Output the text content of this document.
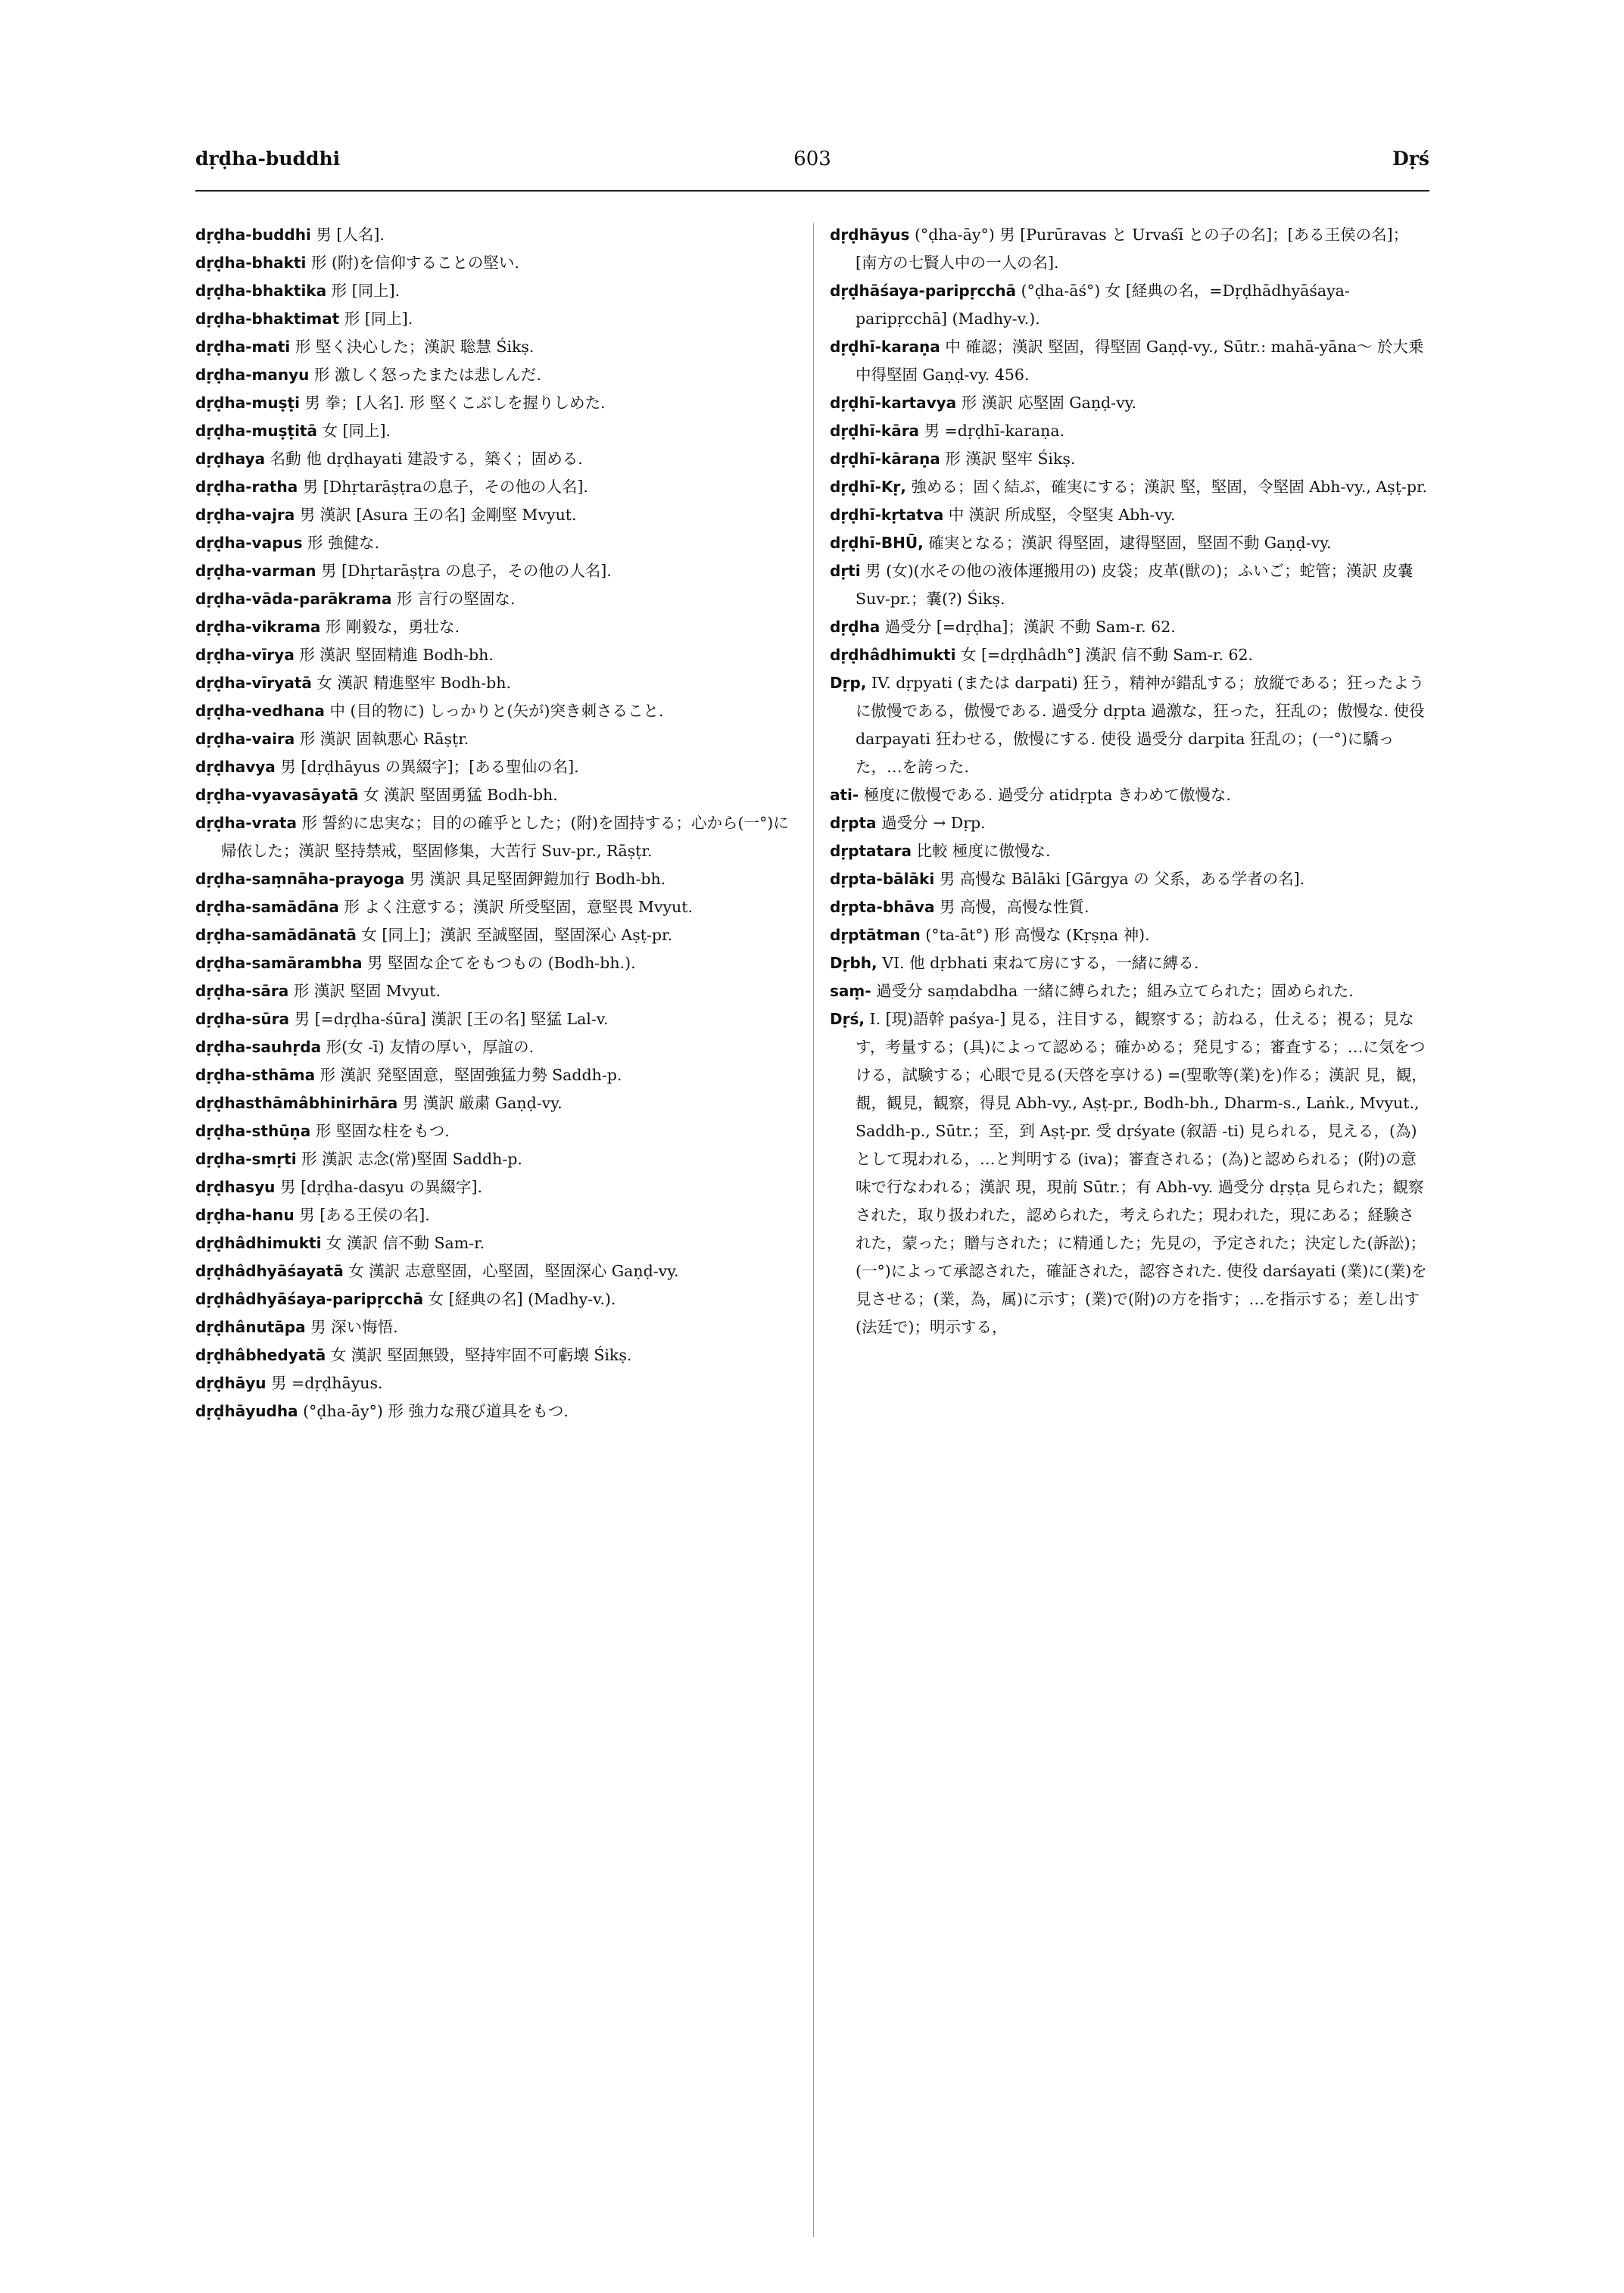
603
dṛḍha-buddhi	Dṛś
dṛḍha-buddhi 男 [人名].
dṛḍha-bhakti 形 (附)を信仰することの堅い.
dṛḍha-bhaktika 形 [同上].
dṛḍha-bhaktimat 形 [同上].
dṛḍha-mati 形 堅く決心した；漢訳 聡慧 Śikṣ.
dṛḍha-manyu 形 激しく怒ったまたは悲しんだ.
dṛḍha-muṣṭi 男 拳；[人名]. 形 堅くこぶしを握りしめた.
dṛḍha-muṣṭitā 女 [同上].
dṛḍhaya 名動 他 dṛḍhayati 建設する，築く；固める.
dṛḍha-ratha 男 [Dhṛtarāṣṭraの息子，その他の人名].
dṛḍha-vajra 男 漢訳 [Asura 王の名] 金剛堅 Mvyut.
dṛḍha-vapus 形 強健な.
dṛḍha-varman 男 [Dhṛtarāṣṭra の息子，その他の人名].
dṛḍha-vāda-parākrama 形 言行の堅固な.
dṛḍha-vikrama 形 剛毅な，勇壮な.
dṛḍha-vīrya 形 漢訳 堅固精進 Bodh-bh.
dṛḍha-vīryatā 女 漢訳 精進堅牢 Bodh-bh.
dṛḍha-vedhana 中 (目的物に) しっかりと(矢が)突き刺さること.
dṛḍha-vaira 形 漢訳 固執悪心 Rāṣṭr.
dṛḍhavya 男 [dṛḍhāyus の異綴字]；[ある聖仙の名].
dṛḍha-vyavasāyatā 女 漢訳 堅固勇猛 Bodh-bh.
dṛḍha-vrata 形 誓約に忠実な；目的の確乎とした；(附)を固持する；心から(一°)に帰依した；漢訳 堅持禁戒，堅固修集，大苦行 Suv-pr., Rāṣṭr.
dṛḍha-saṃnāha-prayoga 男 漢訳 具足堅固鉀鎧加行 Bodh-bh.
dṛḍha-samādāna 形 よく注意する；漢訳 所受堅固，意堅畏 Mvyut.
dṛḍha-samādānatā 女 [同上]；漢訳 至誠堅固，堅固深心 Aṣṭ-pr.
dṛḍha-samārambha 男 堅固な企てをもつもの (Bodh-bh.).
dṛḍha-sāra 形 漢訳 堅固 Mvyut.
dṛḍha-sūra 男 [=dṛḍha-śūra] 漢訳 [王の名] 堅猛 Lal-v.
dṛḍha-sauhṛda 形(女 -ī) 友情の厚い，厚誼の.
dṛḍha-sthāma 形 漢訳 発堅固意，堅固強猛力勢 Saddh-p.
dṛḍhasthāmâbhinirhāra 男 漢訳 厳粛 Gaṇḍ-vy.
dṛḍha-sthūṇa 形 堅固な柱をもつ.
dṛḍha-smṛti 形 漢訳 志念(常)堅固 Saddh-p.
dṛḍhasyu 男 [dṛḍha-dasyu の異綴字].
dṛḍha-hanu 男 [ある王侯の名].
dṛḍhâdhimukti 女 漢訳 信不動 Sam-r.
dṛḍhâdhyāśayatā 女 漢訳 志意堅固，心堅固，堅固深心 Gaṇḍ-vy.
dṛḍhâdhyāśaya-paripṛcchā 女 [経典の名] (Madhy-v.).
dṛḍhânutāpa 男 深い悔悟.
dṛḍhâbhedyatā 女 漢訳 堅固無毀，堅持牢固不可虧壊 Śikṣ.
dṛḍhāyu 男 =dṛḍhāyus.
dṛḍhāyudha (°ḍha-āy°) 形 強力な飛び道具をもつ.
dṛḍhāyus (°ḍha-āy°) 男 [Purūravas と Urvaśī との子の名]；[ある王侯の名]；[南方の七賢人中の一人の名].
dṛḍhāśaya-paripṛcchā (°ḍha-āś°) 女 [経典の名，=Dṛḍhādhyāśaya-paripṛcchā] (Madhy-v.).
dṛḍhī-karaṇa 中 確認；漢訳 堅固，得堅固 Gaṇḍ-vy., Sūtr.: mahā-yāna～ 於大乗中得堅固 Gaṇḍ-vy. 456.
dṛḍhī-kartavya 形 漢訳 応堅固 Gaṇḍ-vy.
dṛḍhī-kāra 男 =dṛḍhī-karaṇa.
dṛḍhī-kāraṇa 形 漢訳 堅牢 Śikṣ.
dṛḍhī-Kṛ, 強める；固く結ぶ，確実にする；漢訳 堅，堅固，令堅固 Abh-vy., Aṣṭ-pr.
dṛḍhī-kṛtatva 中 漢訳 所成堅，令堅実 Abh-vy.
dṛḍhī-BHŪ, 確実となる；漢訳 得堅固，逮得堅固，堅固不動 Gaṇḍ-vy.
dṛti 男 (女)(水その他の液体運搬用の) 皮袋；皮革(獣の)；ふいご；蛇管；漢訳 皮嚢 Suv-pr.；嚢(?) Śikṣ.
dṛḍha 過受分 [=dṛḍha]；漢訳 不動 Sam-r. 62.
dṛḍhâdhimukti 女 [=dṛḍhâdh°] 漢訳 信不動 Sam-r. 62.
Dṛp, IV. dṛpyati (または darpati) 狂う，精神が錯乱する；放縦である；狂ったように傲慢である，傲慢である. 過受分 dṛpta 過激な，狂った，狂乱の；傲慢な. 使役 darpayati 狂わせる，傲慢にする. 使役 過受分 darpita 狂乱の；(一°)に驕った，…を誇った.
ati- 極度に傲慢である. 過受分 atidṛpta きわめて傲慢な.
dṛpta 過受分 → Dṛp.
dṛptatara 比較 極度に傲慢な.
dṛpta-bālāki 男 高慢な Bālāki [Gārgya の 父系，ある学者の名].
dṛpta-bhāva 男 高慢，高慢な性質.
dṛptātman (°ta-āt°) 形 高慢な (Kṛṣṇa 神).
Dṛbh, VI. 他 dṛbhati 束ねて房にする，一緒に縛る.
saṃ- 過受分 saṃdabdha 一緒に縛られた；組み立てられた；固められた.
Dṛś, I. [現)語幹 paśya-] 見る，注目する，観察する；訪ねる，仕える；視る；見なす，考量する；(具)によって認める；確かめる；発見する；審査する；…に気をつける，試験する；心眼で見る(天啓を享ける) =(聖歌等(業)を)作る；漢訳 見，観，覩，観見，観察，得見 Abh-vy., Aṣṭ-pr., Bodh-bh., Dharm-s., Laṅk., Mvyut., Saddh-p., Sūtr.；至，到 Aṣṭ-pr. 受 dṛśyate (叙語 -ti) 見られる，見える，(為)として現われる，…と判明する (iva)；審査される；(為)と認められる；(附)の意味で行なわれる；漢訳 現，現前 Sūtr.；有 Abh-vy. 過受分 dṛṣṭa 見られた；観察された，取り扱われた，認められた，考えられた；現われた，現にある；経験された，蒙った；贈与された；に精通した；先見の，予定された；決定した(訴訟)；(一°)によって承認された，確証された，認容された. 使役 darśayati (業)に(業)を見させる；(業，為，属)に示す；(業)で(附)の方を指す；…を指示する；差し出す(法廷で)；明示する，
